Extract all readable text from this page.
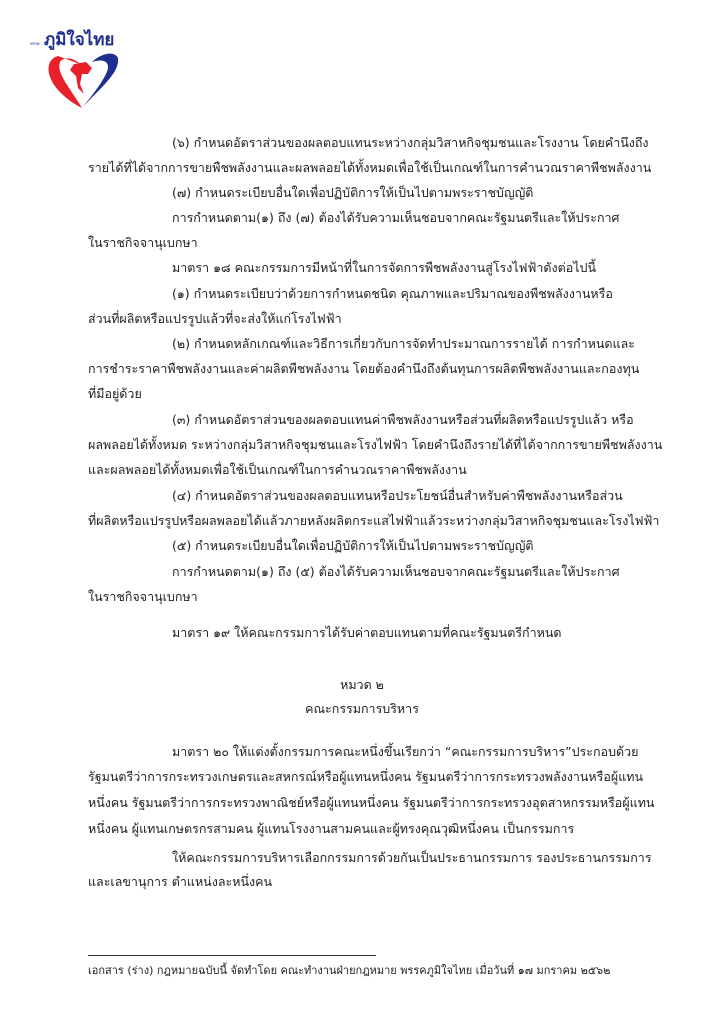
พรรค ภูมิใจไทย
(๖) กำหนดอัตราส่วนของผลตอบแทนระหว่างกลุ่มวิสาหกิจชุมชนและโรงงาน โดยคำนึงถึง
รายได้ที่ได้จากการขายพืชพลังงานและผลพลอยได้ทั้งหมดเพื่อใช้เป็นเกณฑ์ในการคำนวณราคาพืชพลังงาน
(๗) กำหนดระเบียบอื่นใดเพื่อปฏิบัติการให้เป็นไปตามพระราชบัญญัติ
การกำหนดตาม(๑) ถึง (๗) ต้องได้รับความเห็นชอบจากคณะรัฐมนตรีและให้ประกาศ
ในราชกิจจานุเบกษา
มาตรา ๑๘ คณะกรรมการมีหน้าที่ในการจัดการพืชพลังงานสู่โรงไฟฟ้าดังต่อไปนี้
(๑) กำหนดระเบียบว่าด้วยการกำหนดชนิด คุณภาพและปริมาณของพืชพลังงานหรือ
ส่วนที่ผลิตหรือแปรรูปแล้วที่จะส่งให้แก่โรงไฟฟ้า
(๒) กำหนดหลักเกณฑ์และวิธีการเกี่ยวกับการจัดทำประมาณการรายได้ การกำหนดและ
การชำระราคาพืชพลังงานและค่าผลิตพืชพลังงาน โดยต้องคำนึงถึงต้นทุนการผลิตพืชพลังงานและกองทุน
ที่มีอยู่ด้วย
(๓) กำหนดอัตราส่วนของผลตอบแทนค่าพืชพลังงานหรือส่วนที่ผลิตหรือแปรรูปแล้ว หรือ
ผลพลอยได้ทั้งหมด ระหว่างกลุ่มวิสาหกิจชุมชนและโรงไฟฟ้า โดยคำนึงถึงรายได้ที่ได้จากการขายพืชพลังงาน
และผลพลอยได้ทั้งหมดเพื่อใช้เป็นเกณฑ์ในการคำนวณราคาพืชพลังงาน
(๔) กำหนดอัตราส่วนของผลตอบแทนหรือประโยชน์อื่นสำหรับค่าพืชพลังงานหรือส่วน
ที่ผลิตหรือแปรรูปหรือผลพลอยได้แล้วภายหลังผลิตกระแสไฟฟ้าแล้วระหว่างกลุ่มวิสาหกิจชุมชนและโรงไฟฟ้า
(๕) กำหนดระเบียบอื่นใดเพื่อปฏิบัติการให้เป็นไปตามพระราชบัญญัติ
การกำหนดตาม(๑) ถึง (๕) ต้องได้รับความเห็นชอบจากคณะรัฐมนตรีและให้ประกาศ
ในราชกิจจานุเบกษา
มาตรา ๑๙ ให้คณะกรรมการได้รับค่าตอบแทนตามที่คณะรัฐมนตรีกำหนด
หมวด ๒
คณะกรรมการบริหาร
มาตรา ๒๐ ให้แต่งตั้งกรรมการคณะหนึ่งขึ้นเรียกว่า “คณะกรรมการบริหาร”ประกอบด้วย
รัฐมนตรีว่าการกระทรวงเกษตรและสหกรณ์หรือผู้แทนหนึ่งคน รัฐมนตรีว่าการกระทรวงพลังงานหรือผู้แทน
หนึ่งคน รัฐมนตรีว่าการกระทรวงพาณิชย์หรือผู้แทนหนึ่งคน รัฐมนตรีว่าการกระทรวงอุตสาหกรรมหรือผู้แทน
หนึ่งคน ผู้แทนเกษตรกรสามคน ผู้แทนโรงงานสามคนและผู้ทรงคุณวุฒิหนึ่งคน เป็นกรรมการ
ให้คณะกรรมการบริหารเลือกกรรมการด้วยกันเป็นประธานกรรมการ รองประธานกรรมการ
และเลขานุการ ตำแหน่งละหนึ่งคน
เอกสาร (ร่าง) กฎหมายฉบับนี้ จัดทำโดย คณะทำงานฝ่ายกฎหมาย พรรคภูมิใจไทย เมื่อวันที่ ๑๗ มกราคม ๒๕๖๒
